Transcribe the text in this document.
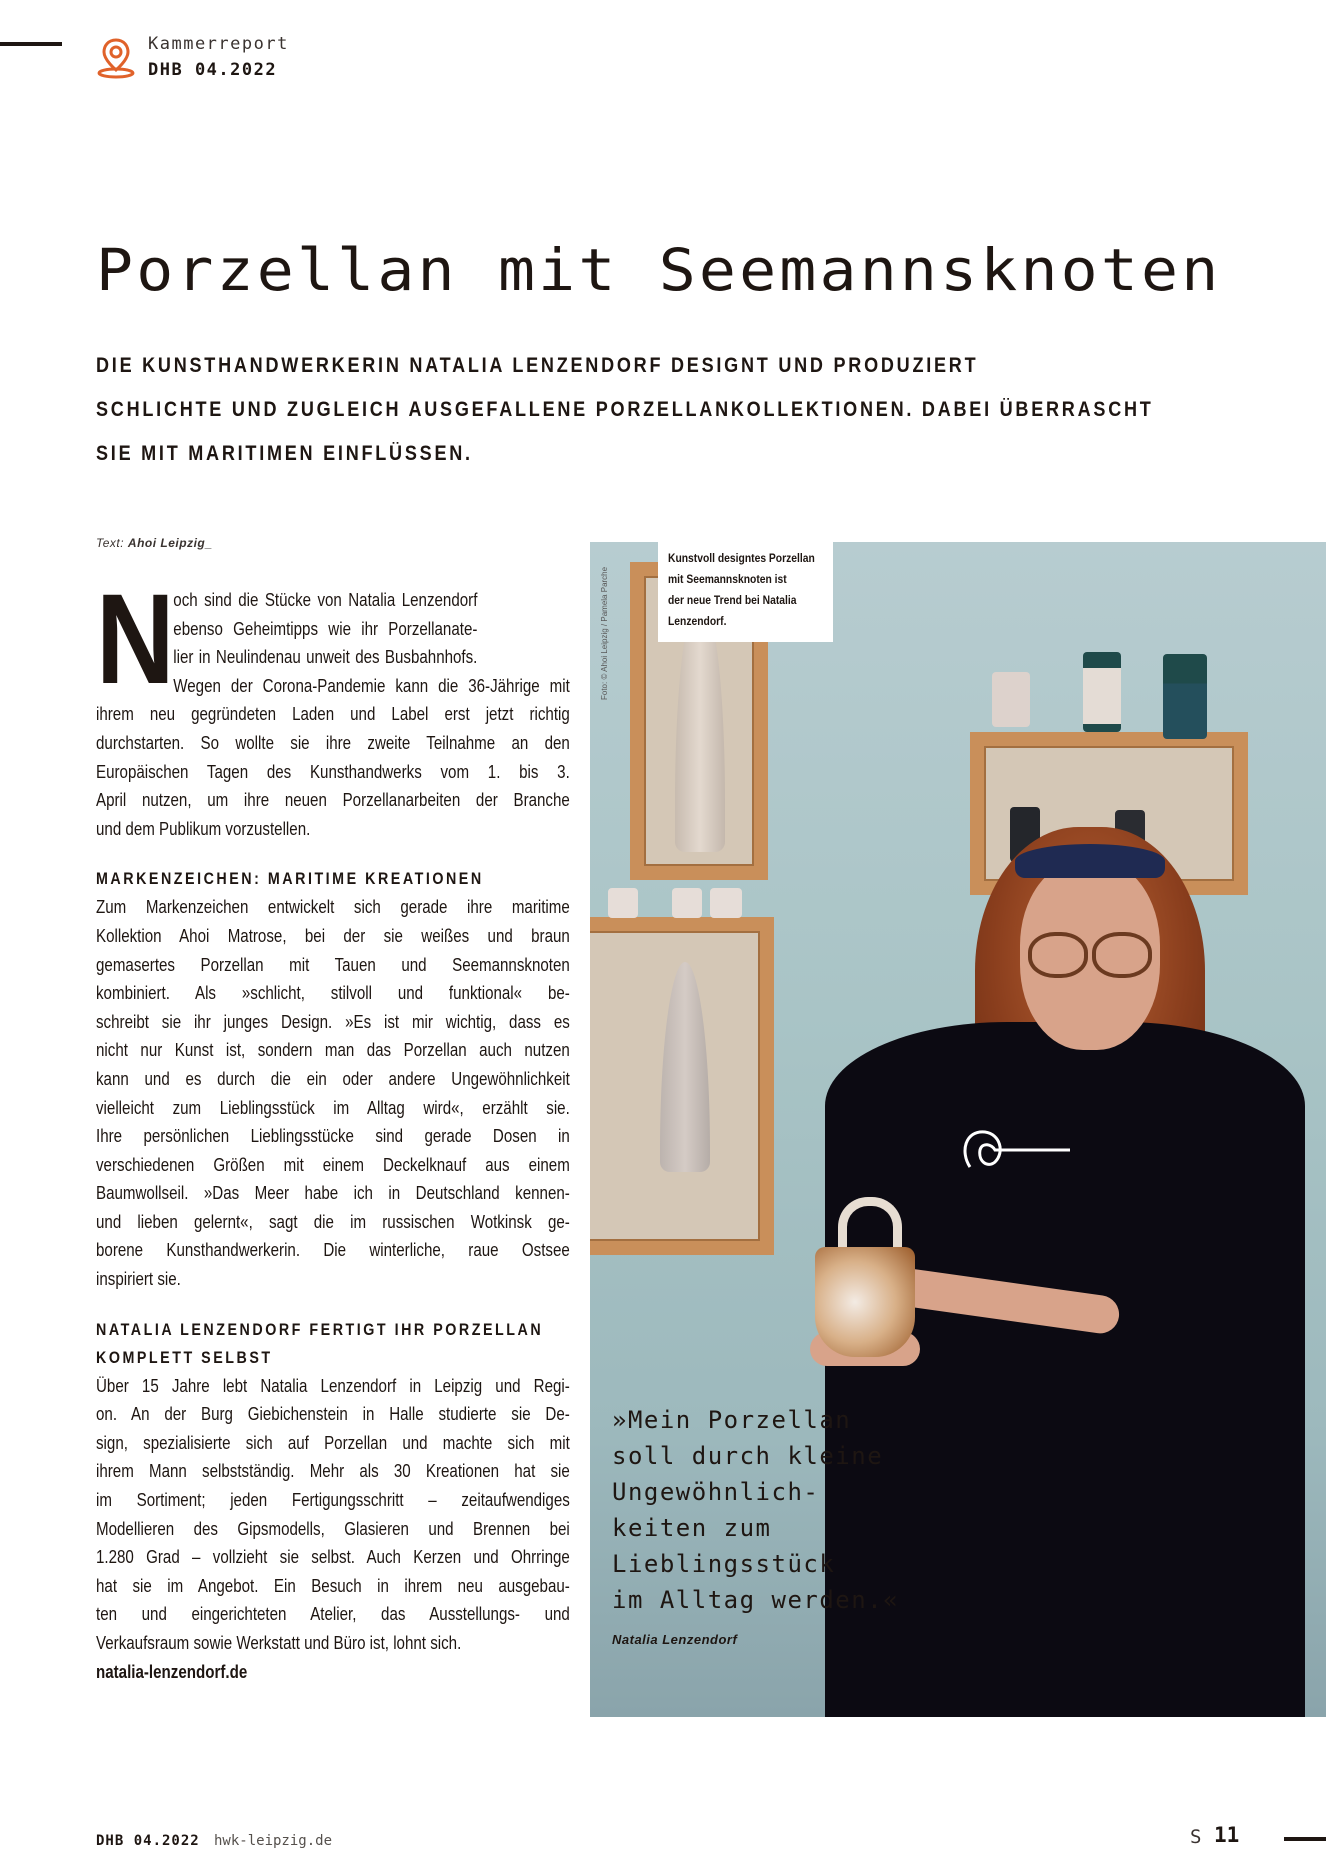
Kammerreport
DHB 04.2022
Porzellan mit Seemannsknoten
DIE KUNSTHANDWERKERIN NATALIA LENZENDORF DESIGNT UND PRODUZIERT
SCHLICHTE UND ZUGLEICH AUSGEFALLENE PORZELLANKOLLEKTIONEN. DABEI ÜBERRASCHT
SIE MIT MARITIMEN EINFLÜSSEN.
Text: Ahoi Leipzig_
N

och sind die Stücke von Natalia Lenzendorf
ebenso Geheimtipps wie ihr Porzellanate-
lier in Neulindenau unweit des Busbahnhofs.
Wegen der Corona-Pandemie kann die 36-Jährige mit
ihrem neu gegründeten Laden und Label erst jetzt richtig
durchstarten. So wollte sie ihre zweite Teilnahme an den
Europäischen Tagen des Kunsthandwerks vom 1. bis 3.
April nutzen, um ihre neuen Porzellanarbeiten der Branche
und dem Publikum vorzustellen.

MARKENZEICHEN: MARITIME KREATIONEN

Zum Markenzeichen entwickelt sich gerade ihre maritime
Kollektion Ahoi Matrose, bei der sie weißes und braun
gemasertes Porzellan mit Tauen und Seemannsknoten
kombiniert. Als »schlicht, stilvoll und funktional« be-
schreibt sie ihr junges Design. »Es ist mir wichtig, dass es
nicht nur Kunst ist, sondern man das Porzellan auch nutzen
kann und es durch die ein oder andere Ungewöhnlichkeit
vielleicht zum Lieblingsstück im Alltag wird«, erzählt sie.
Ihre persönlichen Lieblingsstücke sind gerade Dosen in
verschiedenen Größen mit einem Deckelknauf aus einem
Baumwollseil. »Das Meer habe ich in Deutschland kennen-
und lieben gelernt«, sagt die im russischen Wotkinsk ge-
borene Kunsthandwerkerin. Die winterliche, raue Ostsee
inspiriert sie.

NATALIA LENZENDORF FERTIGT IHR PORZELLAN
KOMPLETT SELBST

Über 15 Jahre lebt Natalia Lenzendorf in Leipzig und Regi-
on. An der Burg Giebichenstein in Halle studierte sie De-
sign, spezialisierte sich auf Porzellan und machte sich mit
ihrem Mann selbstständig. Mehr als 30 Kreationen hat sie
im Sortiment; jeden Fertigungsschritt – zeitaufwendiges
Modellieren des Gipsmodells, Glasieren und Brennen bei
1.280 Grad – vollzieht sie selbst. Auch Kerzen und Ohrringe
hat sie im Angebot. Ein Besuch in ihrem neu ausgebau-
ten und eingerichteten Atelier, das Ausstellungs- und
Verkaufsraum sowie Werkstatt und Büro ist, lohnt sich.
natalia-lenzendorf.de

Kunstvoll designtes Porzellan
mit Seemannsknoten ist
der neue Trend bei Natalia
Lenzendorf.
Foto: © Ahoi Leipzig / Pamela Parche
»Mein Porzellan
soll durch kleine
Ungewöhnlich-
keiten zum
Lieblingsstück
im Alltag werden.«
Natalia Lenzendorf
DHB 04.2022 hwk-leipzig.de	S 11
